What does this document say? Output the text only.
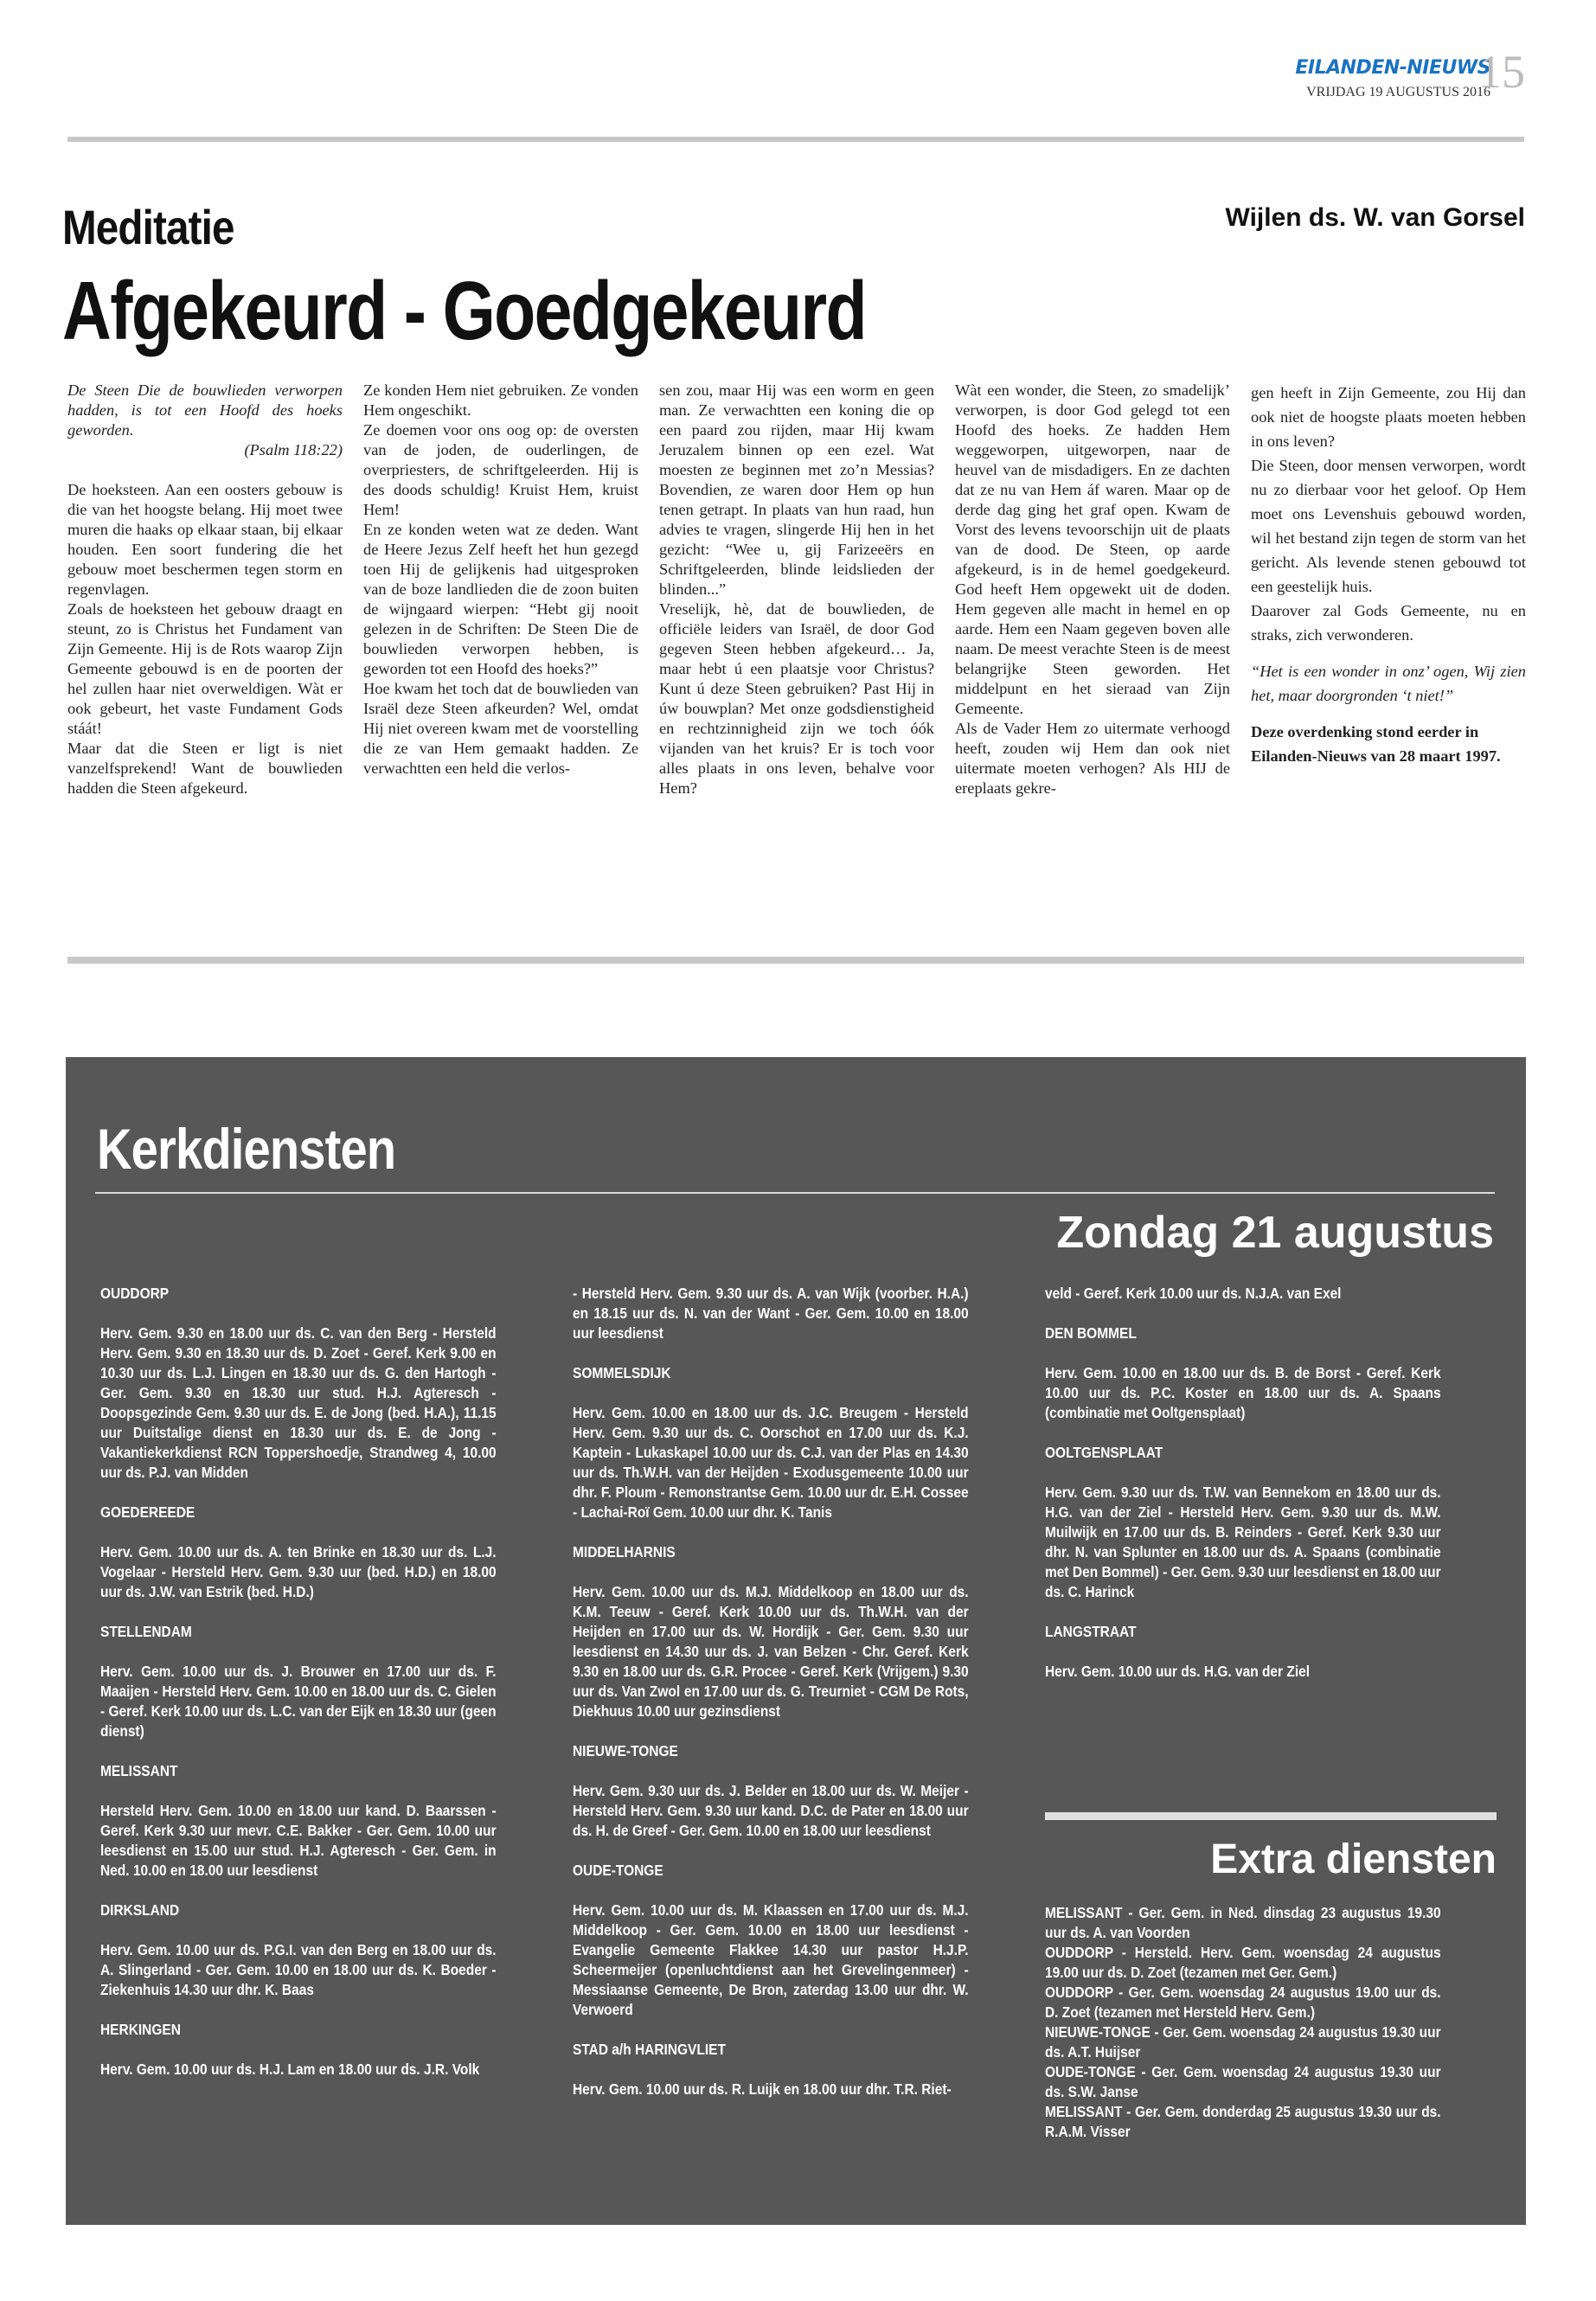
EILANDEN-NIEUWS
VRIJDAG 19 AUGUSTUS 2016
15
Meditatie
Afgekeurd - Goedgekeurd
Wijlen ds. W. van Gorsel

De Steen Die de bouwlieden verworpen hadden, is tot een Hoofd des hoeks geworden.

(Psalm 118:22)

De hoeksteen. Aan een oosters gebouw is die van het hoogste belang. Hij moet twee muren die haaks op elkaar staan, bij elkaar houden. Een soort fundering die het gebouw moet beschermen tegen storm en regenvlagen.

Zoals de hoeksteen het gebouw draagt en steunt, zo is Christus het Fundament van Zijn Gemeente. Hij is de Rots waarop Zijn Gemeente gebouwd is en de poorten der hel zullen haar niet overweldigen. Wàt er ook gebeurt, het vaste Fundament Gods stáát!

Maar dat die Steen er ligt is niet vanzelfsprekend! Want de bouwlieden hadden die Steen afgekeurd.

Ze konden Hem niet gebruiken. Ze vonden Hem ongeschikt.

Ze doemen voor ons oog op: de oversten van de joden, de ouderlingen, de overpriesters, de schriftgeleerden. Hij is des doods schuldig! Kruist Hem, kruist Hem!

En ze konden weten wat ze deden. Want de Heere Jezus Zelf heeft het hun gezegd toen Hij de gelijkenis had uitgesproken van de boze landlieden die de zoon buiten de wijngaard wierpen: “Hebt gij nooit gelezen in de Schriften: De Steen Die de bouwlieden verworpen hebben, is geworden tot een Hoofd des hoeks?”

Hoe kwam het toch dat de bouwlieden van Israël deze Steen afkeurden? Wel, omdat Hij niet overeen kwam met de voorstelling die ze van Hem gemaakt hadden. Ze verwachtten een held die verlos-

sen zou, maar Hij was een worm en geen man. Ze verwachtten een koning die op een paard zou rijden, maar Hij kwam Jeruzalem binnen op een ezel. Wat moesten ze beginnen met zo’n Messias? Bovendien, ze waren door Hem op hun tenen getrapt. In plaats van hun raad, hun advies te vragen, slingerde Hij hen in het gezicht: “Wee u, gij Farizeeërs en Schriftgeleerden, blinde leidslieden der blinden...”

Vreselijk, hè, dat de bouwlieden, de officiële leiders van Israël, de door God gegeven Steen hebben afgekeurd… Ja, maar hebt ú een plaatsje voor Christus? Kunt ú deze Steen gebruiken? Past Hij in úw bouwplan? Met onze godsdienstigheid en rechtzinnigheid zijn we toch óók vijanden van het kruis? Er is toch voor alles plaats in ons leven, behalve voor Hem?

Wàt een wonder, die Steen, zo smadelijk’ verworpen, is door God gelegd tot een Hoofd des hoeks. Ze hadden Hem weggeworpen, uitgeworpen, naar de heuvel van de misdadigers. En ze dachten dat ze nu van Hem áf waren. Maar op de derde dag ging het graf open. Kwam de Vorst des levens tevoorschijn uit de plaats van de dood. De Steen, op aarde afgekeurd, is in de hemel goedgekeurd. God heeft Hem opgewekt uit de doden. Hem gegeven alle macht in hemel en op aarde. Hem een Naam gegeven boven alle naam. De meest verachte Steen is de meest belangrijke Steen geworden. Het middelpunt en het sieraad van Zijn Gemeente.

Als de Vader Hem zo uitermate verhoogd heeft, zouden wij Hem dan ook niet uitermate moeten verhogen? Als HIJ de ereplaats gekre-

gen heeft in Zijn Gemeente, zou Hij dan ook niet de hoogste plaats moeten hebben in ons leven?

Die Steen, door mensen verworpen, wordt nu zo dierbaar voor het geloof. Op Hem moet ons Levenshuis gebouwd worden, wil het bestand zijn tegen de storm van het gericht. Als levende stenen gebouwd tot een geestelijk huis.

Daarover zal Gods Gemeente, nu en straks, zich verwonderen.

“Het is een wonder in onz’ ogen, Wij zien het, maar doorgronden ‘t niet!”

Deze overdenking stond eerder in Eilanden-Nieuws van 28 maart 1997.

Kerkdiensten
Zondag 21 augustus

OUDDORP

Herv. Gem. 9.30 en 18.00 uur ds. C. van den Berg - Hersteld Herv. Gem. 9.30 en 18.30 uur ds. D. Zoet - Geref. Kerk 9.00 en 10.30 uur ds. L.J. Lingen en 18.30 uur ds. G. den Hartogh - Ger. Gem. 9.30 en 18.30 uur stud. H.J. Agteresch - Doopsgezinde Gem. 9.30 uur ds. E. de Jong (bed. H.A.), 11.15 uur Duitstalige dienst en 18.30 uur ds. E. de Jong - Vakantiekerkdienst RCN Toppershoedje, Strandweg 4, 10.00 uur ds. P.J. van Midden

GOEDEREEDE

Herv. Gem. 10.00 uur ds. A. ten Brinke en 18.30 uur ds. L.J. Vogelaar - Hersteld Herv. Gem. 9.30 uur (bed. H.D.) en 18.00 uur ds. J.W. van Estrik (bed. H.D.)

STELLENDAM

Herv. Gem. 10.00 uur ds. J. Brouwer en 17.00 uur ds. F. Maaijen - Hersteld Herv. Gem. 10.00 en 18.00 uur ds. C. Gielen - Geref. Kerk 10.00 uur ds. L.C. van der Eijk en 18.30 uur (geen dienst)

MELISSANT

Hersteld Herv. Gem. 10.00 en 18.00 uur kand. D. Baarssen - Geref. Kerk 9.30 uur mevr. C.E. Bakker - Ger. Gem. 10.00 uur leesdienst en 15.00 uur stud. H.J. Agteresch - Ger. Gem. in Ned. 10.00 en 18.00 uur leesdienst

DIRKSLAND

Herv. Gem. 10.00 uur ds. P.G.I. van den Berg en 18.00 uur ds. A. Slingerland - Ger. Gem. 10.00 en 18.00 uur ds. K. Boeder - Ziekenhuis 14.30 uur dhr. K. Baas

HERKINGEN

Herv. Gem. 10.00 uur ds. H.J. Lam en 18.00 uur ds. J.R. Volk

- Hersteld Herv. Gem. 9.30 uur ds. A. van Wijk (voorber. H.A.) en 18.15 uur ds. N. van der Want - Ger. Gem. 10.00 en 18.00 uur leesdienst

SOMMELSDIJK

Herv. Gem. 10.00 en 18.00 uur ds. J.C. Breugem - Hersteld Herv. Gem. 9.30 uur ds. C. Oorschot en 17.00 uur ds. K.J. Kaptein - Lukaskapel 10.00 uur ds. C.J. van der Plas en 14.30 uur ds. Th.W.H. van der Heijden - Exodusgemeente 10.00 uur dhr. F. Ploum - Remonstrantse Gem. 10.00 uur dr. E.H. Cossee - Lachai-Roï Gem. 10.00 uur dhr. K. Tanis

MIDDELHARNIS

Herv. Gem. 10.00 uur ds. M.J. Middelkoop en 18.00 uur ds. K.M. Teeuw - Geref. Kerk 10.00 uur ds. Th.W.H. van der Heijden en 17.00 uur ds. W. Hordijk - Ger. Gem. 9.30 uur leesdienst en 14.30 uur ds. J. van Belzen - Chr. Geref. Kerk 9.30 en 18.00 uur ds. G.R. Procee - Geref. Kerk (Vrijgem.) 9.30 uur ds. Van Zwol en 17.00 uur ds. G. Treurniet - CGM De Rots, Diekhuus 10.00 uur gezinsdienst

NIEUWE-TONGE

Herv. Gem. 9.30 uur ds. J. Belder en 18.00 uur ds. W. Meijer - Hersteld Herv. Gem. 9.30 uur kand. D.C. de Pater en 18.00 uur ds. H. de Greef - Ger. Gem. 10.00 en 18.00 uur leesdienst

OUDE-TONGE

Herv. Gem. 10.00 uur ds. M. Klaassen en 17.00 uur ds. M.J. Middelkoop - Ger. Gem. 10.00 en 18.00 uur leesdienst - Evangelie Gemeente Flakkee 14.30 uur pastor H.J.P. Scheermeijer (openluchtdienst aan het Grevelingenmeer) - Messiaanse Gemeente, De Bron, zaterdag 13.00 uur dhr. W. Verwoerd

STAD a/h HARINGVLIET

Herv. Gem. 10.00 uur ds. R. Luijk en 18.00 uur dhr. T.R. Riet-

veld - Geref. Kerk 10.00 uur ds. N.J.A. van Exel

DEN BOMMEL

Herv. Gem. 10.00 en 18.00 uur ds. B. de Borst - Geref. Kerk 10.00 uur ds. P.C. Koster en 18.00 uur ds. A. Spaans (combinatie met Ooltgensplaat)

OOLTGENSPLAAT

Herv. Gem. 9.30 uur ds. T.W. van Bennekom en 18.00 uur ds. H.G. van der Ziel - Hersteld Herv. Gem. 9.30 uur ds. M.W. Muilwijk en 17.00 uur ds. B. Reinders - Geref. Kerk 9.30 uur dhr. N. van Splunter en 18.00 uur ds. A. Spaans (combinatie met Den Bommel) - Ger. Gem. 9.30 uur leesdienst en 18.00 uur ds. C. Harinck

LANGSTRAAT

Herv. Gem. 10.00 uur ds. H.G. van der Ziel

Extra diensten

MELISSANT - Ger. Gem. in Ned. dinsdag 23 augustus 19.30 uur ds. A. van Voorden

OUDDORP - Hersteld. Herv. Gem. woensdag 24 augustus 19.00 uur ds. D. Zoet (tezamen met Ger. Gem.)

OUDDORP - Ger. Gem. woensdag 24 augustus 19.00 uur ds. D. Zoet (tezamen met Hersteld Herv. Gem.)

NIEUWE-TONGE - Ger. Gem. woensdag 24 augustus 19.30 uur ds. A.T. Huijser

OUDE-TONGE - Ger. Gem. woensdag 24 augustus 19.30 uur ds. S.W. Janse

MELISSANT - Ger. Gem. donderdag 25 augustus 19.30 uur ds. R.A.M. Visser
